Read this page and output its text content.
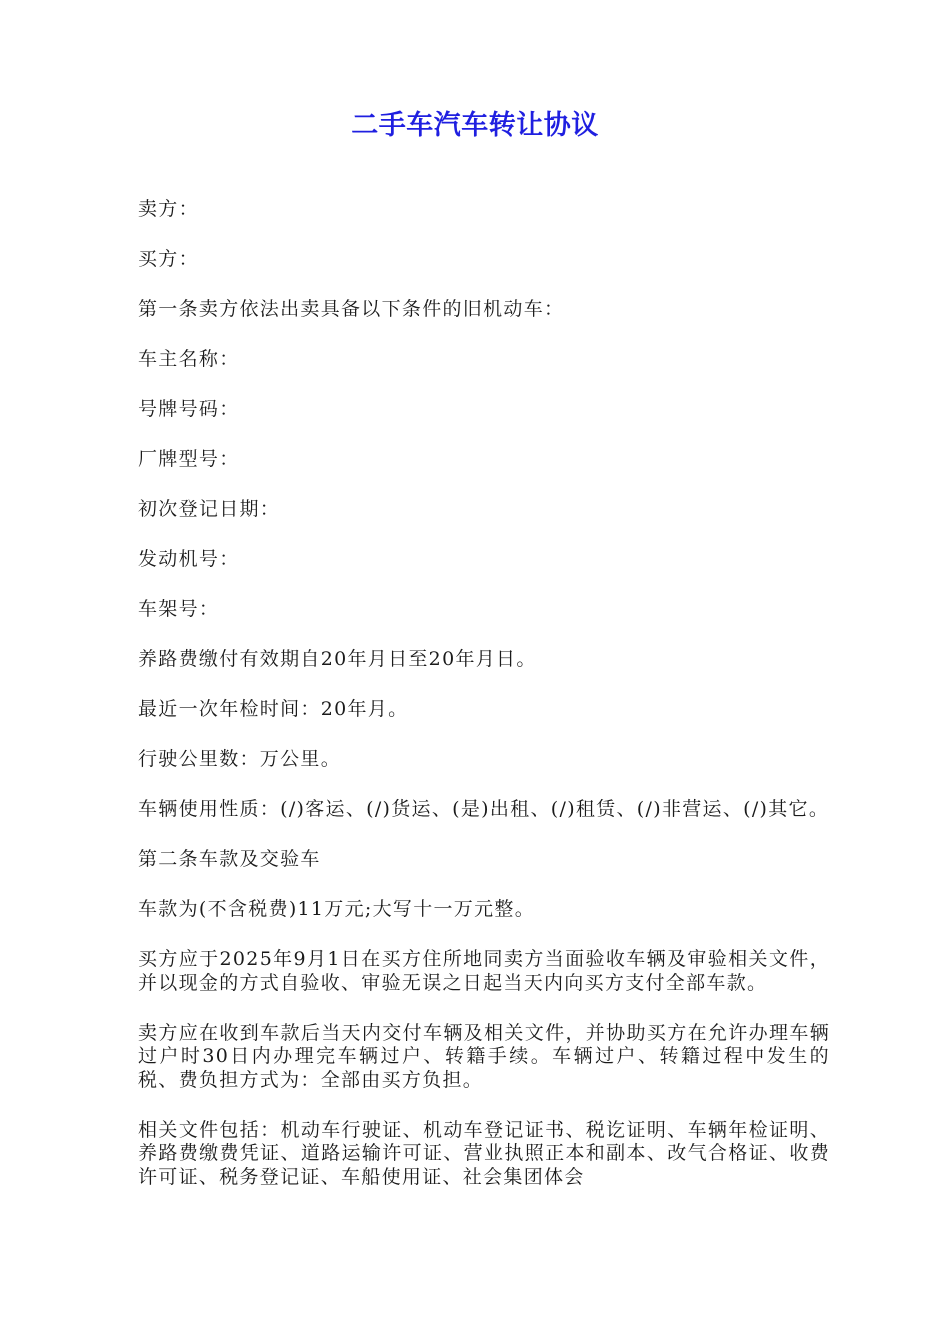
二手车汽车转让协议

卖方：

买方：

第一条卖方依法出卖具备以下条件的旧机动车：

车主名称：

号牌号码：

厂牌型号：

初次登记日期：

发动机号：

车架号：

养路费缴付有效期自20年月日至20年月日。

最近一次年检时间：20年月。

行驶公里数：万公里。

车辆使用性质：(/)客运、(/)货运、(是)出租、(/)租赁、(/)非营运、(/)其它。

第二条车款及交验车

车款为(不含税费)11万元;大写十一万元整。

买方应于2025年9月1日在买方住所地同卖方当面验收车辆及审验相关文件，并以现金的方式自验收、审验无误之日起当天内向买方支付全部车款。

卖方应在收到车款后当天内交付车辆及相关文件，并协助买方在允许办理车辆过户时30日内办理完车辆过户、转籍手续。车辆过户、转籍过程中发生的税、费负担方式为：全部由买方负担。

相关文件包括：机动车行驶证、机动车登记证书、税讫证明、车辆年检证明、养路费缴费凭证、道路运输许可证、营业执照正本和副本、改气合格证、收费许可证、税务登记证、车船使用证、社会集团体会
